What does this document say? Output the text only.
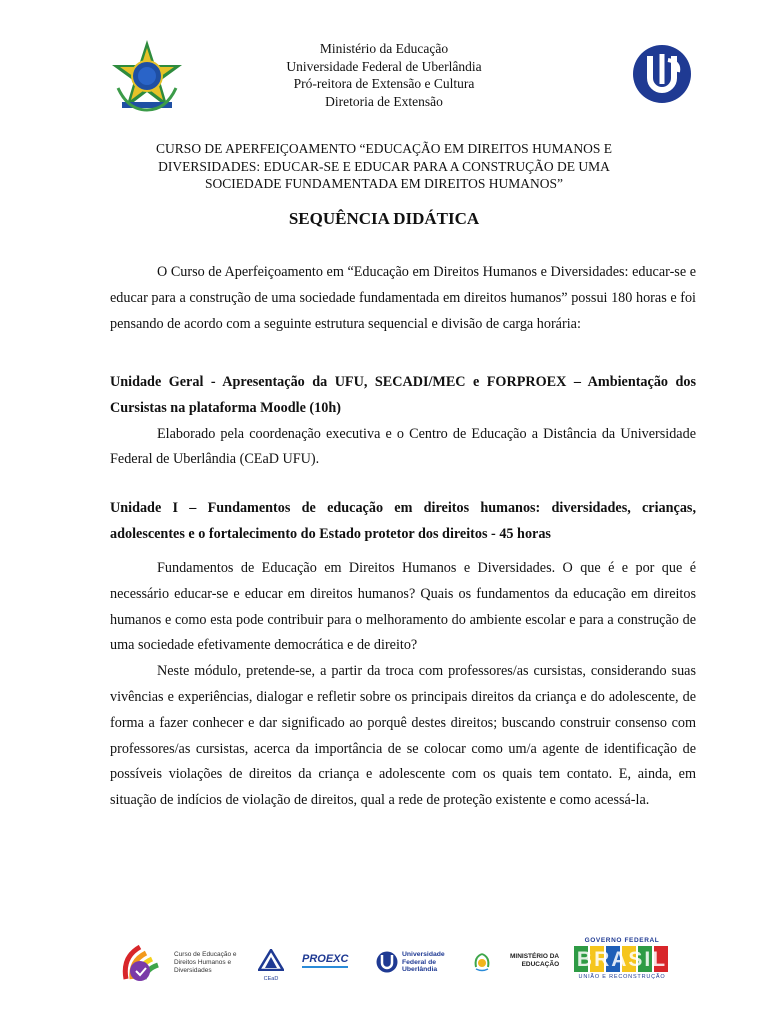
Ministério da Educação
Universidade Federal de Uberlândia
Pró-reitora de Extensão e Cultura
Diretoria de Extensão
CURSO DE APERFEIÇOAMENTO “EDUCAÇÃO EM DIREITOS HUMANOS E
DIVERSIDADES: EDUCAR-SE E EDUCAR PARA A CONSTRUÇÃO DE UMA
SOCIEDADE FUNDAMENTADA EM DIREITOS HUMANOS”
SEQUÊNCIA DIDÁTICA

O Curso de Aperfeiçoamento em “Educação em Direitos Humanos e Diversidades: educar-se e educar para a construção de uma sociedade fundamentada em direitos humanos” possui 180 horas e foi pensando de acordo com a seguinte estrutura sequencial e divisão de carga horária:

Unidade Geral - Apresentação da UFU, SECADI/MEC e FORPROEX – Ambientação dos Cursistas na plataforma Moodle (10h)

Elaborado pela coordenação executiva e o Centro de Educação a Distância da Universidade Federal de Uberlândia (CEaD UFU).

Unidade I – Fundamentos de educação em direitos humanos: diversidades, crianças, adolescentes e o fortalecimento do Estado protetor dos direitos - 45 horas

Fundamentos de Educação em Direitos Humanos e Diversidades. O que é e por que é necessário educar-se e educar em direitos humanos? Quais os fundamentos da educação em direitos humanos e como esta pode contribuir para o melhoramento do ambiente escolar e para a construção de uma sociedade efetivamente democrática e de direito?

Neste módulo, pretende-se, a partir da troca com professores/as cursistas, considerando suas vivências e experiências, dialogar e refletir sobre os principais direitos da criança e do adolescente, de forma a fazer conhecer e dar significado ao porquê destes direitos; buscando construir consenso com professores/as cursistas, acerca da importância de se colocar como um/a agente de identificação de possíveis violações de direitos da criança e adolescente com os quais tem contato. E, ainda, em situação de indícios de violação de direitos, qual a rede de proteção existente e como acessá-la.

Curso de Educação e
Direitos Humanos e
Diversidades
CEaD
PROEXC	Universidade
Federal de
Uberlândia
MINISTÉRIO DA
EDUCAÇÃO
GOVERNO FEDERAL
BRASIL
UNIÃO E RECONSTRUÇÃO
